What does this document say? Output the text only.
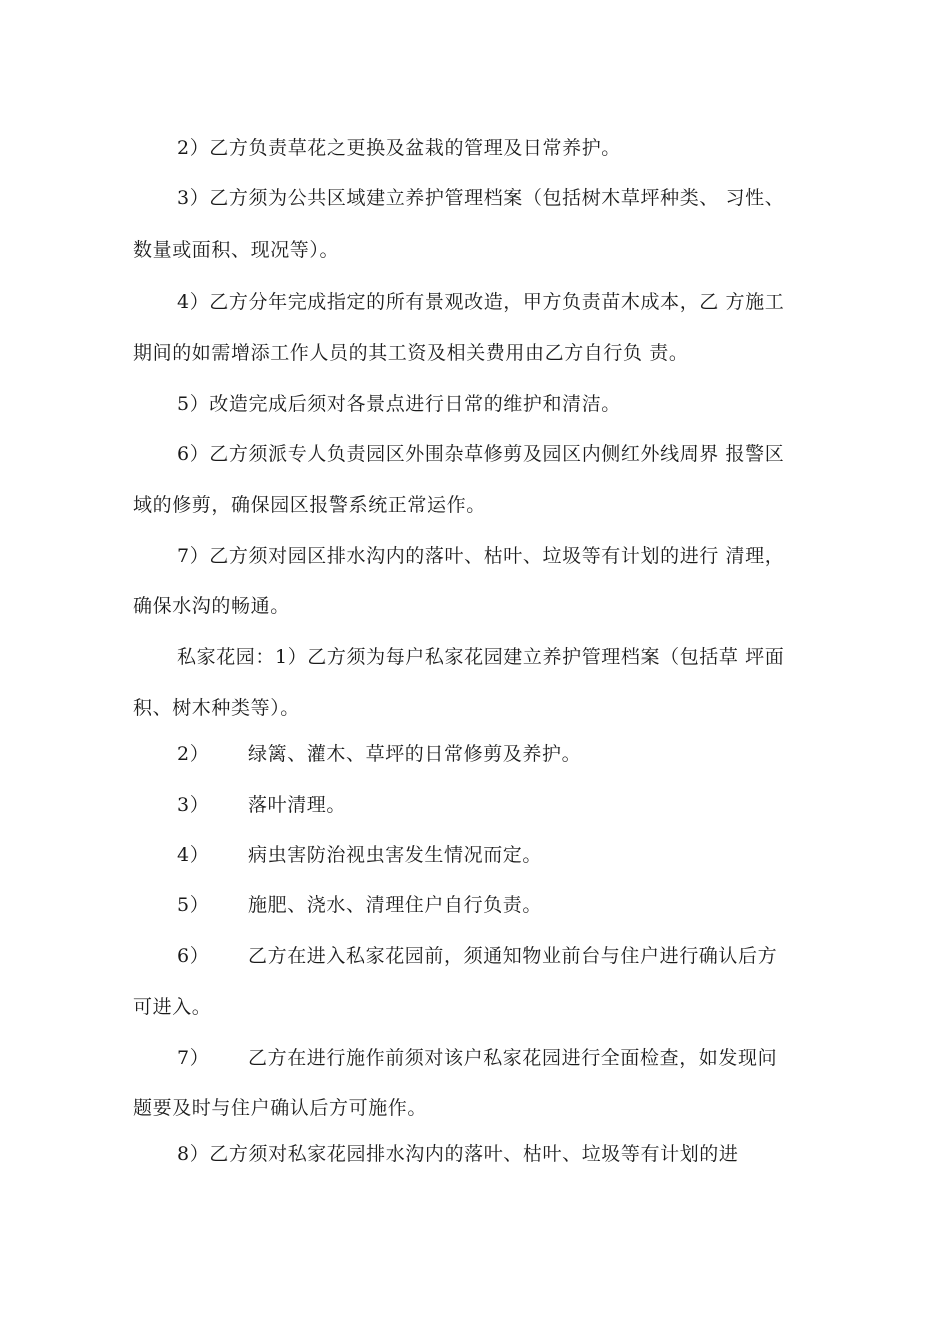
2）乙方负责草花之更换及盆栽的管理及日常养护。
3）乙方须为公共区域建立养护管理档案（包括树木草坪种类、 习性、
数量或面积、现况等）。
4）乙方分年完成指定的所有景观改造，甲方负责苗木成本，乙 方施工
期间的如需增添工作人员的其工资及相关费用由乙方自行负 责。
5）改造完成后须对各景点进行日常的维护和清洁。
6）乙方须派专人负责园区外围杂草修剪及园区内侧红外线周界 报警区
域的修剪，确保园区报警系统正常运作。
7）乙方须对园区排水沟内的落叶、枯叶、垃圾等有计划的进行 清理，
确保水沟的畅通。
私家花园：1）乙方须为每户私家花园建立养护管理档案（包括草 坪面
积、树木种类等）。
2） 绿篱、灌木、草坪的日常修剪及养护。
3） 落叶清理。
4） 病虫害防治视虫害发生情况而定。
5） 施肥、浇水、清理住户自行负责。
6） 乙方在进入私家花园前，须通知物业前台与住户进行确认后方
可进入。
7） 乙方在进行施作前须对该户私家花园进行全面检查，如发现问
题要及时与住户确认后方可施作。
8）乙方须对私家花园排水沟内的落叶、枯叶、垃圾等有计划的进
